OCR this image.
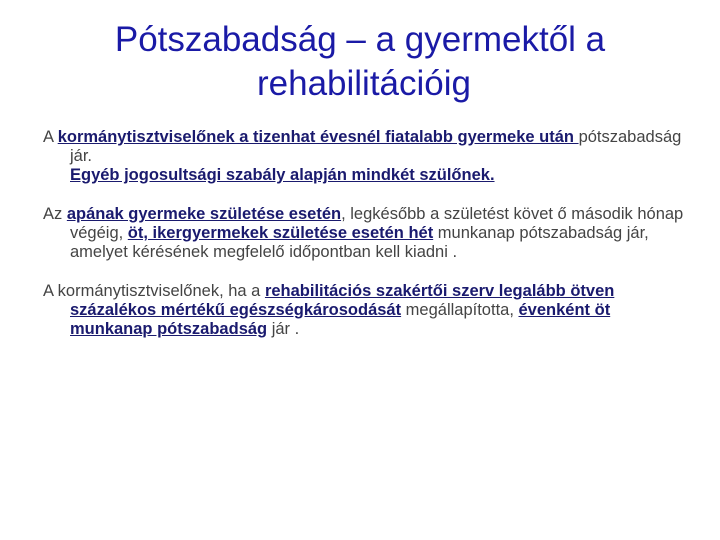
Pótszabadság – a gyermektől a
rehabilitációig

A kormánytisztviselőnek a tizenhat évesnél fiatalabb gyermeke után pótszabadság jár.
Egyéb jogosultsági szabály alapján mindkét szülőnek.

Az apának gyermeke születése esetén, legkésőbb a születést követ ő második hónap végéig, öt, ikergyermekek születése esetén hét munkanap pótszabadság jár, amelyet kérésének megfelelő időpontban kell kiadni .

A kormánytisztviselőnek, ha a rehabilitációs szakértői szerv legalább ötven százalékos mértékű egészségkárosodását megállapította, évenként öt munkanap pótszabadság jár .
